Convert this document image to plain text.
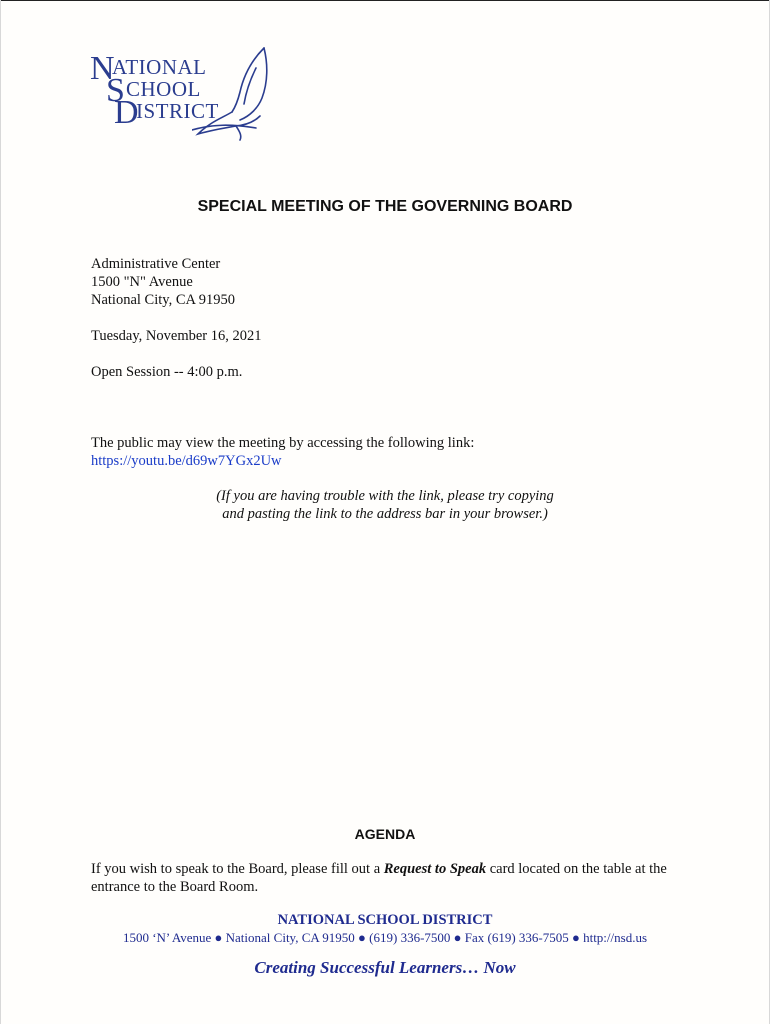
N
ATIONAL
S CHOOL
D
ISTRICT
SPECIAL MEETING OF THE GOVERNING BOARD
Administrative Center
1500 "N" Avenue
National City, CA 91950
Tuesday, November 16, 2021
Open Session -- 4:00 p.m.
The public may view the meeting by accessing the following link:
https://youtu.be/d69w7YGx2Uw
(If you are having trouble with the link, please try copying
and pasting the link to the address bar in your browser.)
AGENDA
If you wish to speak to the Board, please fill out a Request to Speak card located on the table at the entrance to the Board Room.
NATIONAL SCHOOL DISTRICT
1500 ‘N’ Avenue ● National City, CA 91950 ● (619) 336-7500 ● Fax (619) 336-7505 ● http://nsd.us
Creating Successful Learners… Now
